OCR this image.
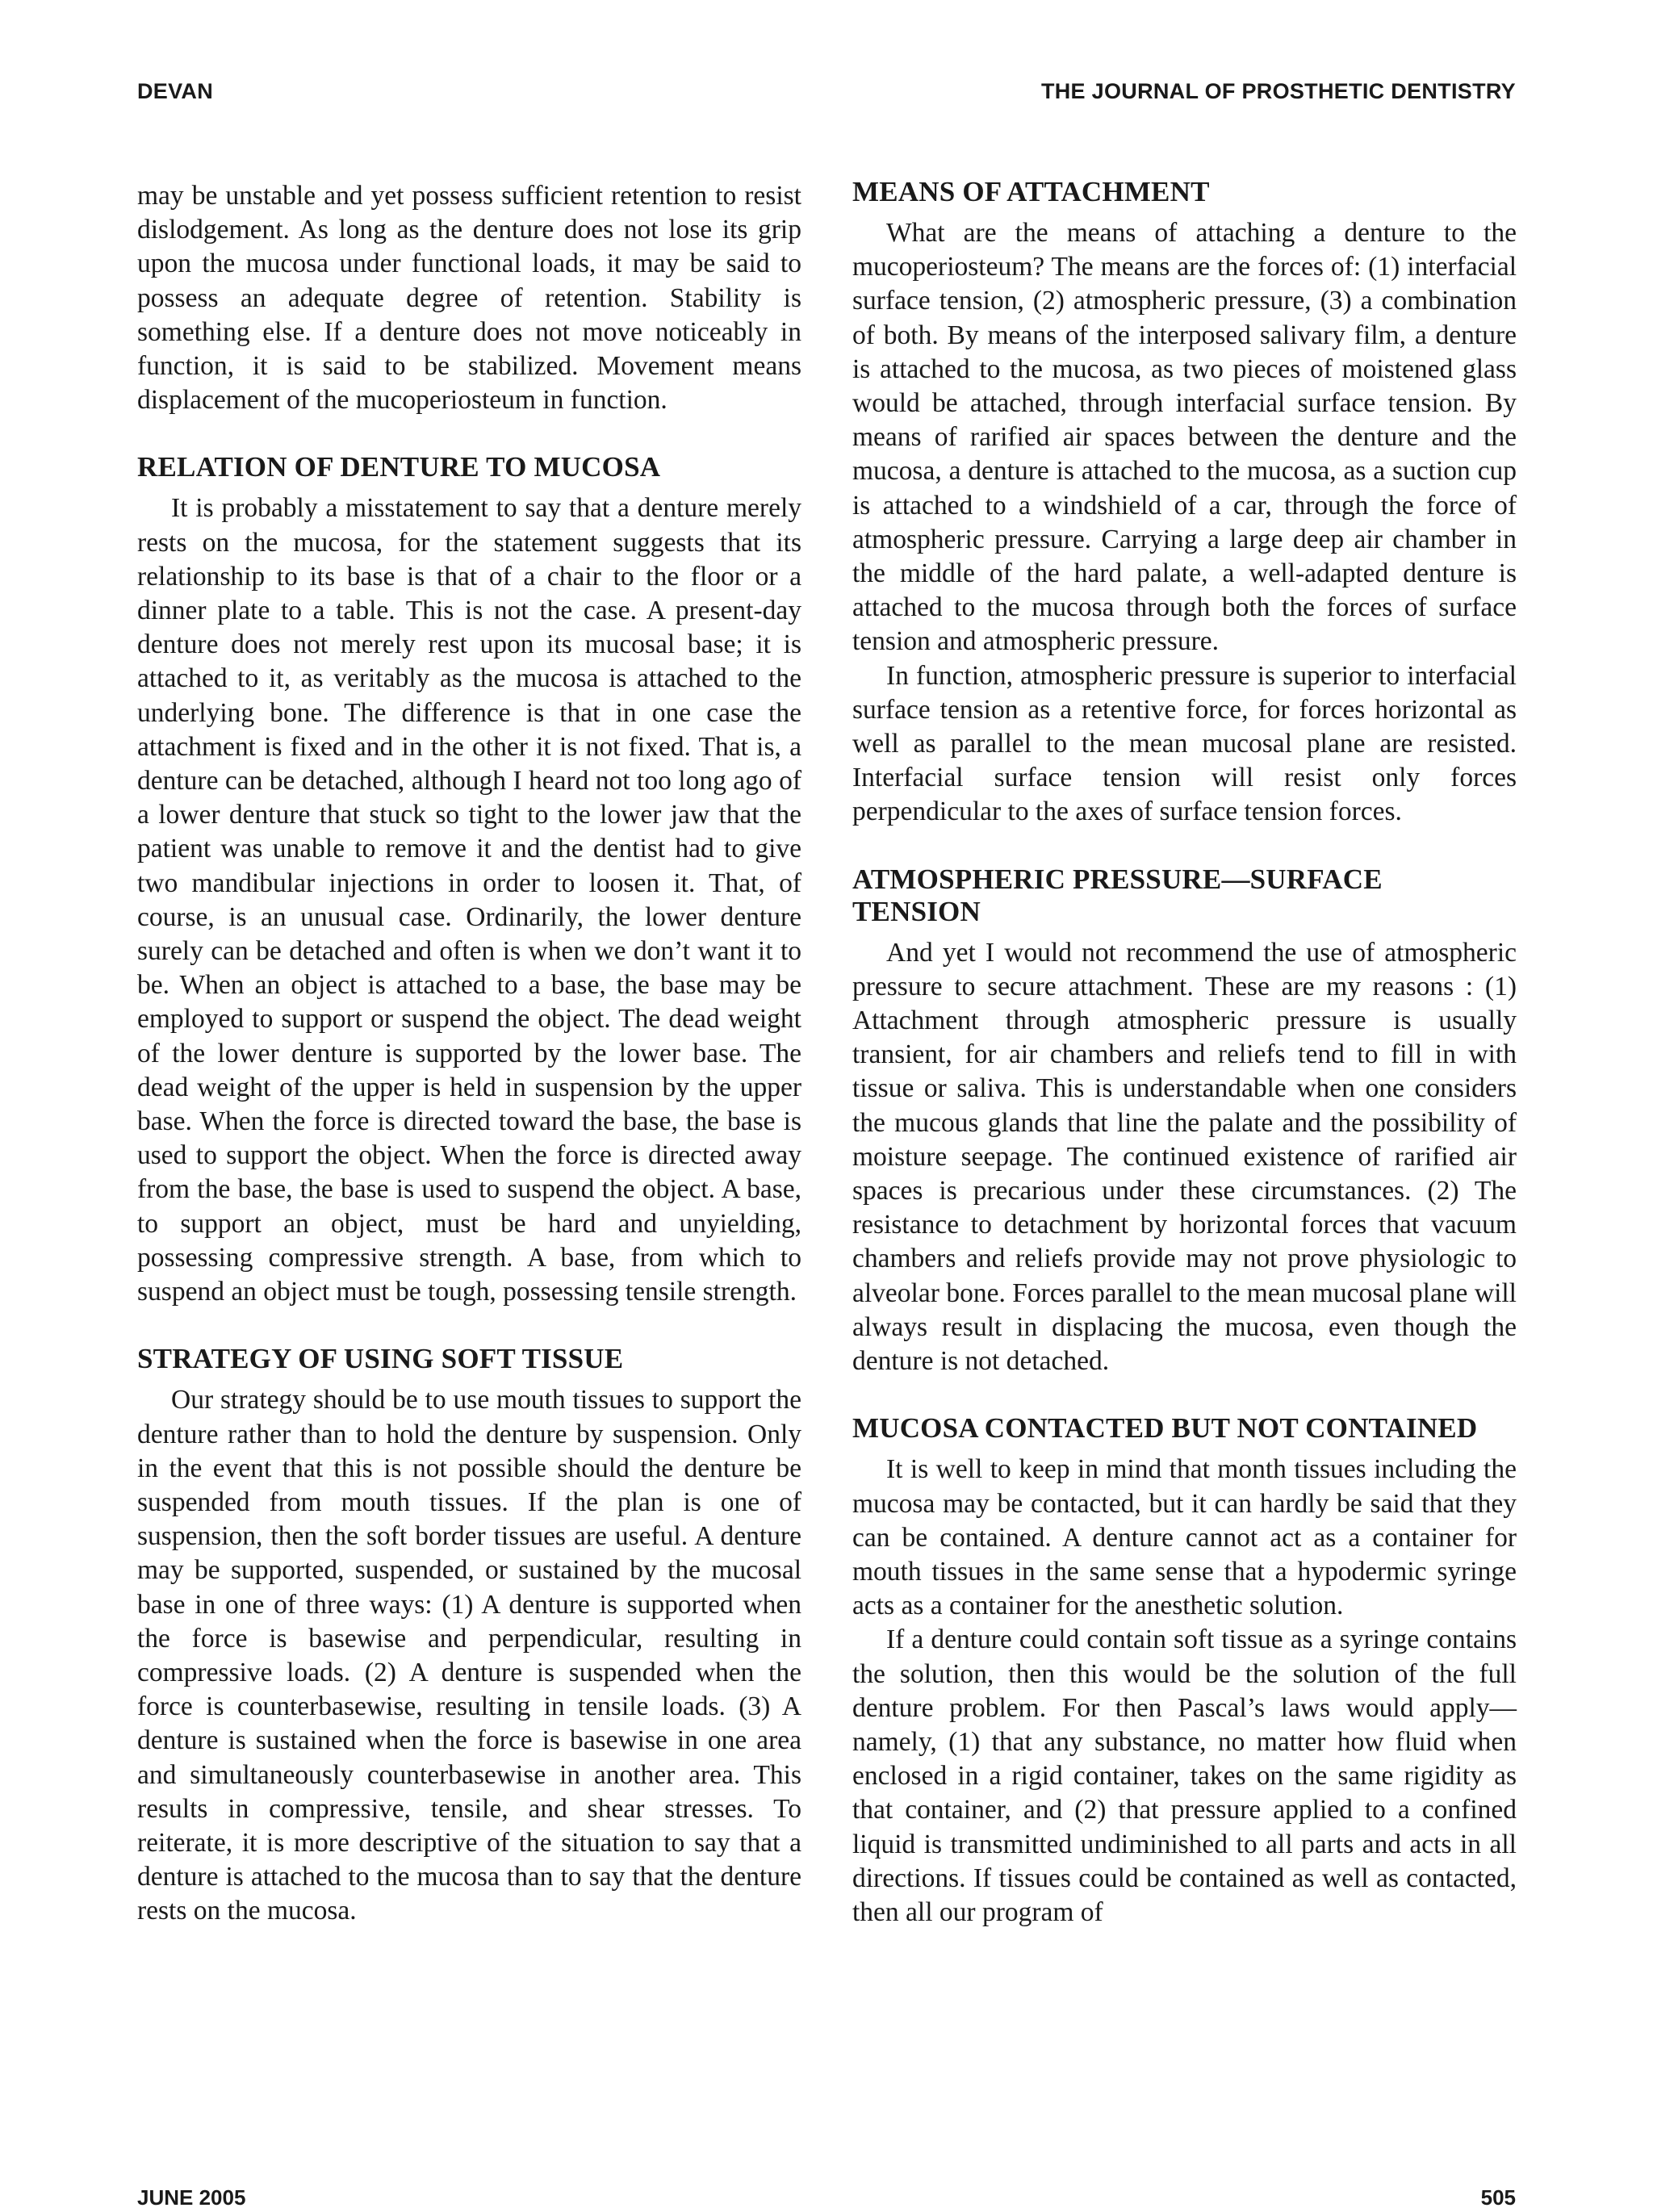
DEVAN	THE JOURNAL OF PROSTHETIC DENTISTRY

may be unstable and yet possess sufficient retention to resist dislodgement. As long as the denture does not lose its grip upon the mucosa under functional loads, it may be said to possess an adequate degree of retention. Stability is something else. If a denture does not move noticeably in function, it is said to be stabilized. Movement means displacement of the mucoperiosteum in function.

RELATION OF DENTURE TO MUCOSA

It is probably a misstatement to say that a denture merely rests on the mucosa, for the statement suggests that its relationship to its base is that of a chair to the floor or a dinner plate to a table. This is not the case. A present-day denture does not merely rest upon its mucosal base; it is attached to it, as veritably as the mucosa is attached to the underlying bone. The difference is that in one case the attachment is fixed and in the other it is not fixed. That is, a denture can be detached, although I heard not too long ago of a lower denture that stuck so tight to the lower jaw that the patient was unable to remove it and the dentist had to give two mandibular injections in order to loosen it. That, of course, is an unusual case. Ordinarily, the lower denture surely can be detached and often is when we don’t want it to be. When an object is attached to a base, the base may be employed to support or suspend the object. The dead weight of the lower denture is supported by the lower base. The dead weight of the upper is held in suspension by the upper base. When the force is directed toward the base, the base is used to support the object. When the force is directed away from the base, the base is used to suspend the object. A base, to support an object, must be hard and unyielding, possessing compressive strength. A base, from which to suspend an object must be tough, possessing tensile strength.

STRATEGY OF USING SOFT TISSUE

Our strategy should be to use mouth tissues to support the denture rather than to hold the denture by suspension. Only in the event that this is not possible should the denture be suspended from mouth tissues. If the plan is one of suspension, then the soft border tissues are useful. A denture may be supported, suspended, or sustained by the mucosal base in one of three ways: (1) A denture is supported when the force is basewise and perpendicular, resulting in compressive loads. (2) A denture is suspended when the force is counterbasewise, resulting in tensile loads. (3) A denture is sustained when the force is basewise in one area and simultaneously counterbasewise in another area. This results in compressive, tensile, and shear stresses. To reiterate, it is more descriptive of the situation to say that a denture is attached to the mucosa than to say that the denture rests on the mucosa.

MEANS OF ATTACHMENT

What are the means of attaching a denture to the mucoperiosteum? The means are the forces of: (1) interfacial surface tension, (2) atmospheric pressure, (3) a combination of both. By means of the interposed salivary film, a denture is attached to the mucosa, as two pieces of moistened glass would be attached, through interfacial surface tension. By means of rarified air spaces between the denture and the mucosa, a denture is attached to the mucosa, as a suction cup is attached to a windshield of a car, through the force of atmospheric pressure. Carrying a large deep air chamber in the middle of the hard palate, a well-adapted denture is attached to the mucosa through both the forces of surface tension and atmospheric pressure.

In function, atmospheric pressure is superior to interfacial surface tension as a retentive force, for forces horizontal as well as parallel to the mean mucosal plane are resisted. Interfacial surface tension will resist only forces perpendicular to the axes of surface tension forces.

ATMOSPHERIC PRESSURE—SURFACE TENSION

And yet I would not recommend the use of atmospheric pressure to secure attachment. These are my reasons : (1) Attachment through atmospheric pressure is usually transient, for air chambers and reliefs tend to fill in with tissue or saliva. This is understandable when one considers the mucous glands that line the palate and the possibility of moisture seepage. The continued existence of rarified air spaces is precarious under these circumstances. (2) The resistance to detachment by horizontal forces that vacuum chambers and reliefs provide may not prove physiologic to alveolar bone. Forces parallel to the mean mucosal plane will always result in displacing the mucosa, even though the denture is not detached.

MUCOSA CONTACTED BUT NOT CONTAINED

It is well to keep in mind that month tissues including the mucosa may be contacted, but it can hardly be said that they can be contained. A denture cannot act as a container for mouth tissues in the same sense that a hypodermic syringe acts as a container for the anesthetic solution.

If a denture could contain soft tissue as a syringe contains the solution, then this would be the solution of the full denture problem. For then Pascal’s laws would apply—namely, (1) that any substance, no matter how fluid when enclosed in a rigid container, takes on the same rigidity as that container, and (2) that pressure applied to a confined liquid is transmitted undiminished to all parts and acts in all directions. If tissues could be contained as well as contacted, then all our program of

JUNE 2005	505
